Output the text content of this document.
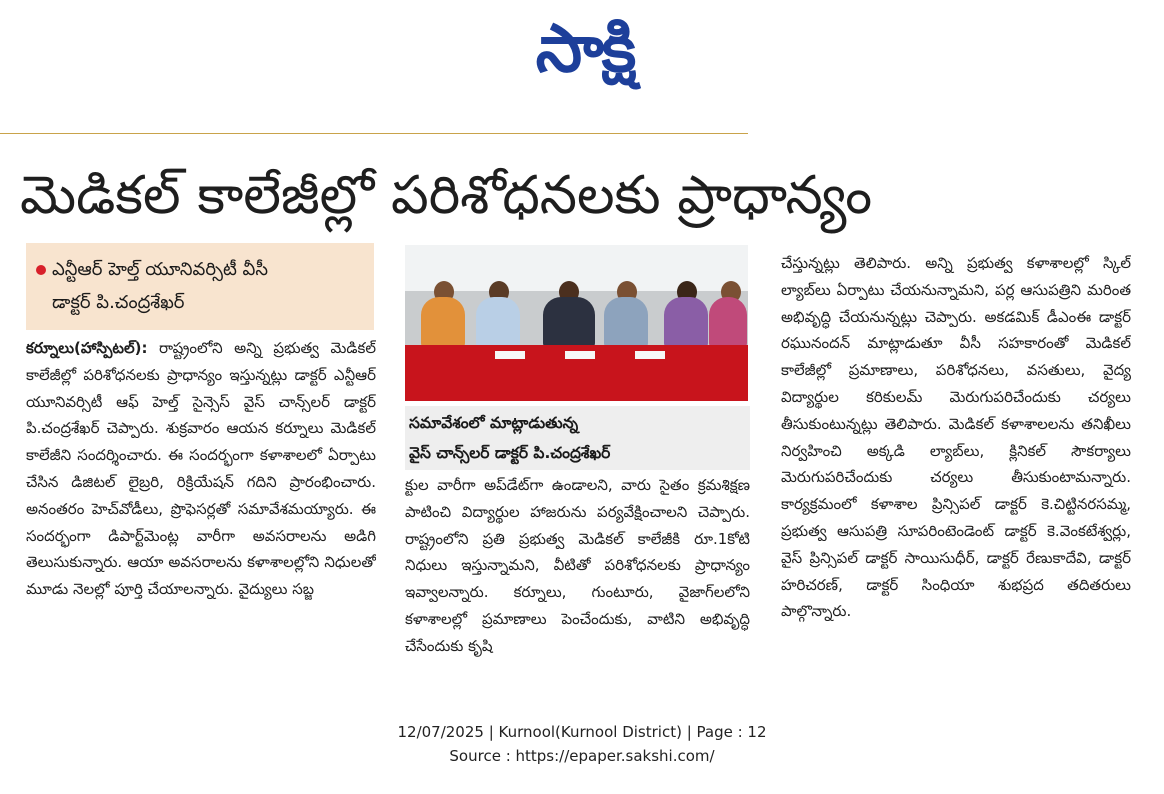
సాక్షి
మెడికల్ కాలేజీల్లో పరిశోధనలకు ప్రాధాన్యం
ఎన్టీఆర్ హెల్త్ యూనివర్సిటీ వీసీ
డాక్టర్ పి.చంద్రశేఖర్
కర్నూలు(హాస్పిటల్): రాష్ట్రంలోని అన్ని ప్రభుత్వ మెడికల్ కాలేజీల్లో పరిశోధనలకు ప్రాధాన్యం ఇస్తున్నట్లు డాక్టర్ ఎన్టీఆర్ యూనివర్సిటీ ఆఫ్ హెల్త్ సైన్సెస్ వైస్ చాన్స్‌లర్ డాక్టర్ పి.చంద్రశేఖర్ చెప్పారు. శుక్రవారం ఆయన కర్నూలు మెడికల్ కాలేజీని సందర్శించారు. ఈ సందర్భంగా కళాశాలలో ఏర్పాటు చేసిన డిజిటల్ లైబ్రరి, రిక్రియేషన్ గదిని ప్రారంభించారు. అనంతరం హెచ్‌వోడీలు, ప్రొఫెసర్లతో సమావేశమయ్యారు. ఈ సందర్భంగా డిపార్ట్‌మెంట్ల వారీగా అవసరాలను అడిగి తెలుసుకున్నారు. ఆయా అవసరాలను కళాశాలల్లోని నిధులతో మూడు నెలల్లో పూర్తి చేయాలన్నారు. వైద్యులు సబ్జ
సమావేశంలో మాట్లాడుతున్న
వైస్ చాన్స్‌లర్ డాక్టర్ పి.చంద్రశేఖర్
క్టుల వారీగా అప్‌డేట్‌గా ఉండాలని, వారు సైతం క్రమశిక్షణ పాటించి విద్యార్థుల హాజరును పర్యవేక్షించాలని చెప్పారు. రాష్ట్రంలోని ప్రతి ప్రభుత్వ మెడికల్ కాలేజీకి రూ.1కోటి నిధులు ఇస్తున్నామని, వీటితో పరిశోధనలకు ప్రాధాన్యం ఇవ్వాలన్నారు. కర్నూలు, గుంటూరు, వైజాగ్‌లలోని కళాశాలల్లో ప్రమాణాలు పెంచేందుకు, వాటిని అభివృద్ధి చేసేందుకు కృషి
చేస్తున్నట్లు తెలిపారు. అన్ని ప్రభుత్వ కళాశాలల్లో స్కిల్ ల్యాబ్‌లు ఏర్పాటు చేయనున్నామని, పర్ల ఆసుపత్రిని మరింత అభివృద్ధి చేయనున్నట్లు చెప్పారు. అకడమిక్ డీఎంఈ డాక్టర్ రఘునందన్ మాట్లాడుతూ వీసీ సహకారంతో మెడికల్ కాలేజీల్లో ప్రమాణాలు, పరిశోధనలు, వసతులు, వైద్య విద్యార్థుల కరికులమ్ మెరుగుపరిచేందుకు చర్యలు తీసుకుంటున్నట్లు తెలిపారు. మెడికల్ కళాశాలలను తనిఖీలు నిర్వహించి అక్కడి ల్యాబ్‌లు, క్లినికల్ సౌకర్యాలు మెరుగుపరిచేందుకు చర్యలు తీసుకుంటామన్నారు. కార్యక్రమంలో కళాశాల ప్రిన్సిపల్ డాక్టర్ కె.చిట్టినరసమ్మ, ప్రభుత్వ ఆసుపత్రి సూపరింటెండెంట్ డాక్టర్ కె.వెంకటేశ్వర్లు, వైస్ ప్రిన్సిపల్ డాక్టర్ సాయిసుధీర్, డాక్టర్ రేణుకాదేవి, డాక్టర్ హరిచరణ్, డాక్టర్ సింధియా శుభప్రద తదితరులు పాల్గొన్నారు.
12/07/2025 | Kurnool(Kurnool District) | Page : 12
Source : https://epaper.sakshi.com/
